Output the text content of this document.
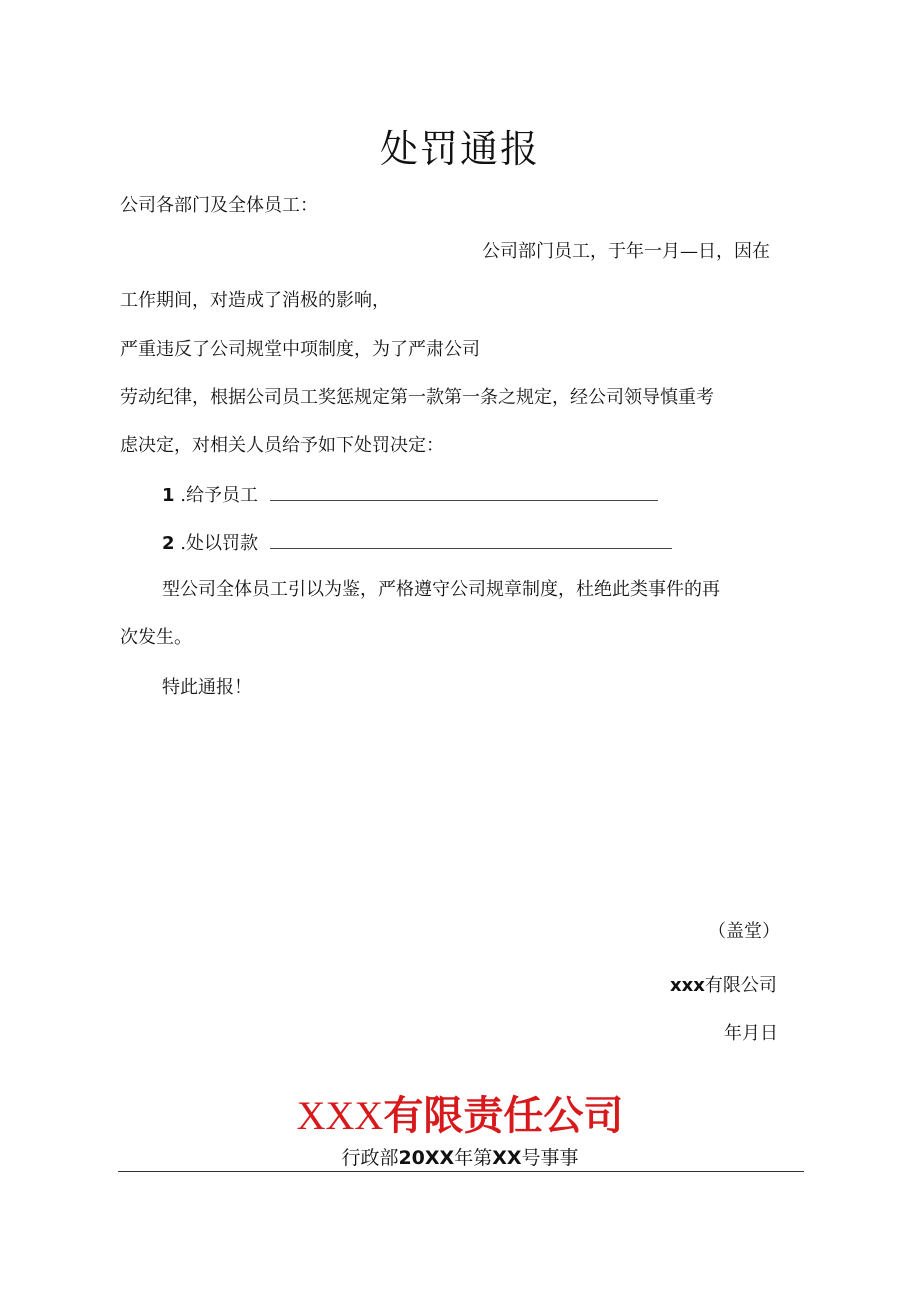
处罚通报
公司各部门及全体员工：
公司部门员工，于年一月—日，因在
工作期间，对造成了消极的影响，
严重违反了公司规堂中项制度，为了严肃公司
劳动纪律，根据公司员工奖惩规定第一款第一条之规定，经公司领导慎重考
虑决定，对相关人员给予如下处罚决定：
1 .给予员工
2 .处以罚款
型公司全体员工引以为鉴，严格遵守公司规章制度，杜绝此类事件的再
次发生。
特此通报！
（盖堂）
xxx有限公司
年月日
XXX有限责任公司
行政部20XX年第XX号事事
